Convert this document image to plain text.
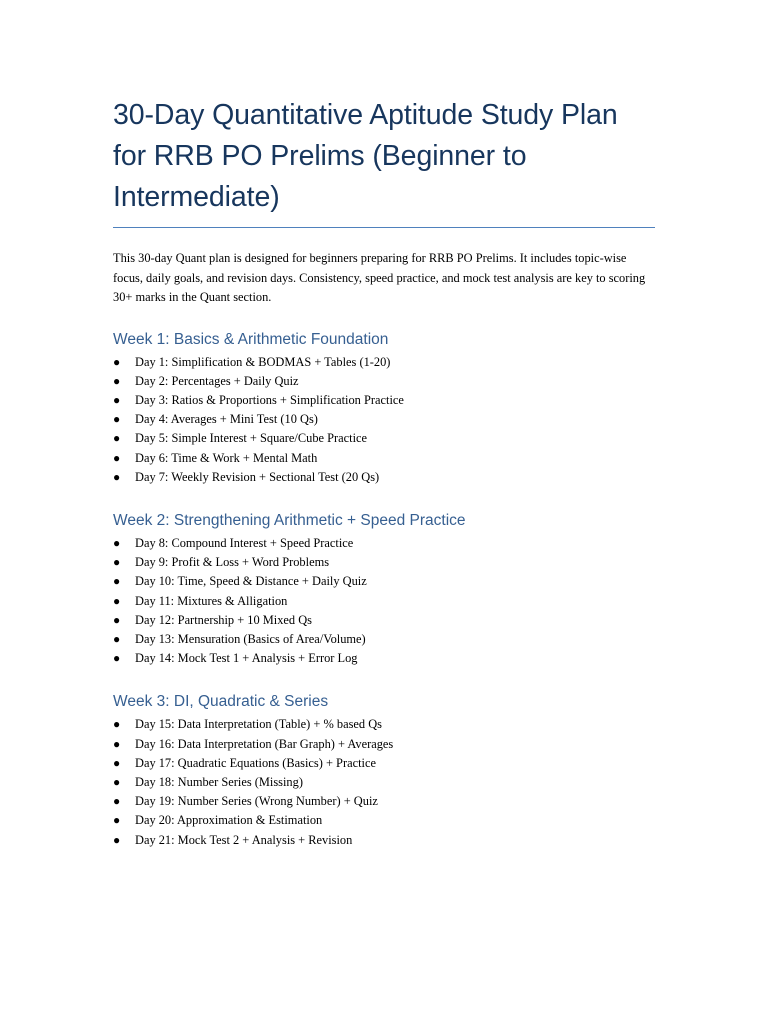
30-Day Quantitative Aptitude Study Plan for RRB PO Prelims (Beginner to Intermediate)

This 30-day Quant plan is designed for beginners preparing for RRB PO Prelims. It includes topic-wise focus, daily goals, and revision days. Consistency, speed practice, and mock test analysis are key to scoring 30+ marks in the Quant section.

Week 1: Basics & Arithmetic Foundation
● Day 1: Simplification & BODMAS + Tables (1-20)
● Day 2: Percentages + Daily Quiz
● Day 3: Ratios & Proportions + Simplification Practice
● Day 4: Averages + Mini Test (10 Qs)
● Day 5: Simple Interest + Square/Cube Practice
● Day 6: Time & Work + Mental Math
● Day 7: Weekly Revision + Sectional Test (20 Qs)
Week 2: Strengthening Arithmetic + Speed Practice
● Day 8: Compound Interest + Speed Practice
● Day 9: Profit & Loss + Word Problems
● Day 10: Time, Speed & Distance + Daily Quiz
● Day 11: Mixtures & Alligation
● Day 12: Partnership + 10 Mixed Qs
● Day 13: Mensuration (Basics of Area/Volume)
● Day 14: Mock Test 1 + Analysis + Error Log
Week 3: DI, Quadratic & Series
● Day 15: Data Interpretation (Table) + % based Qs
● Day 16: Data Interpretation (Bar Graph) + Averages
● Day 17: Quadratic Equations (Basics) + Practice
● Day 18: Number Series (Missing)
● Day 19: Number Series (Wrong Number) + Quiz
● Day 20: Approximation & Estimation
● Day 21: Mock Test 2 + Analysis + Revision
